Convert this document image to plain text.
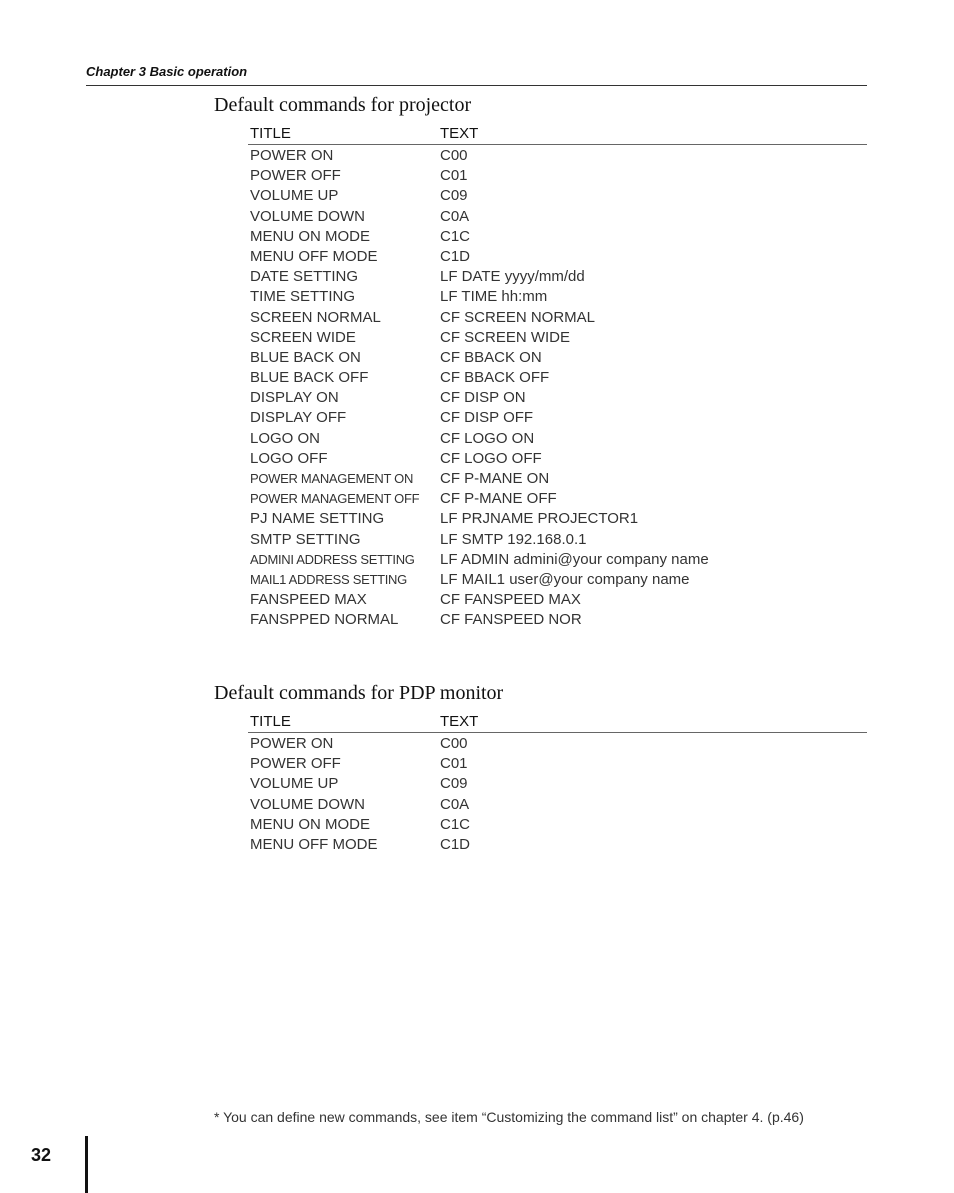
Chapter 3 Basic operation
Default commands for projector
TITLE	TEXT
POWER ON	C00
POWER OFF	C01
VOLUME UP	C09
VOLUME DOWN	C0A
MENU ON MODE	C1C
MENU OFF MODE	C1D
DATE SETTING	LF DATE yyyy/mm/dd
TIME SETTING	LF TIME hh:mm
SCREEN NORMAL	CF SCREEN NORMAL
SCREEN WIDE	CF SCREEN WIDE
BLUE BACK ON	CF BBACK ON
BLUE BACK OFF	CF BBACK OFF
DISPLAY ON	CF DISP ON
DISPLAY OFF	CF DISP OFF
LOGO ON	CF LOGO ON
LOGO OFF	CF LOGO OFF
POWER MANAGEMENT ON	CF P-MANE ON
POWER MANAGEMENT OFF	CF P-MANE OFF
PJ NAME SETTING	LF PRJNAME PROJECTOR1
SMTP SETTING	LF SMTP 192.168.0.1
ADMINI ADDRESS SETTING	LF ADMIN admini@your company name
MAIL1 ADDRESS SETTING	LF MAIL1 user@your company name
FANSPEED MAX	CF FANSPEED MAX
FANSPPED NORMAL	CF FANSPEED NOR
Default commands for PDP monitor
TITLE	TEXT
POWER ON	C00
POWER OFF	C01
VOLUME UP	C09
VOLUME DOWN	C0A
MENU ON MODE	C1C
MENU OFF MODE	C1D
* You can define new commands, see item “Customizing the command list” on chapter 4. (p.46)
32
